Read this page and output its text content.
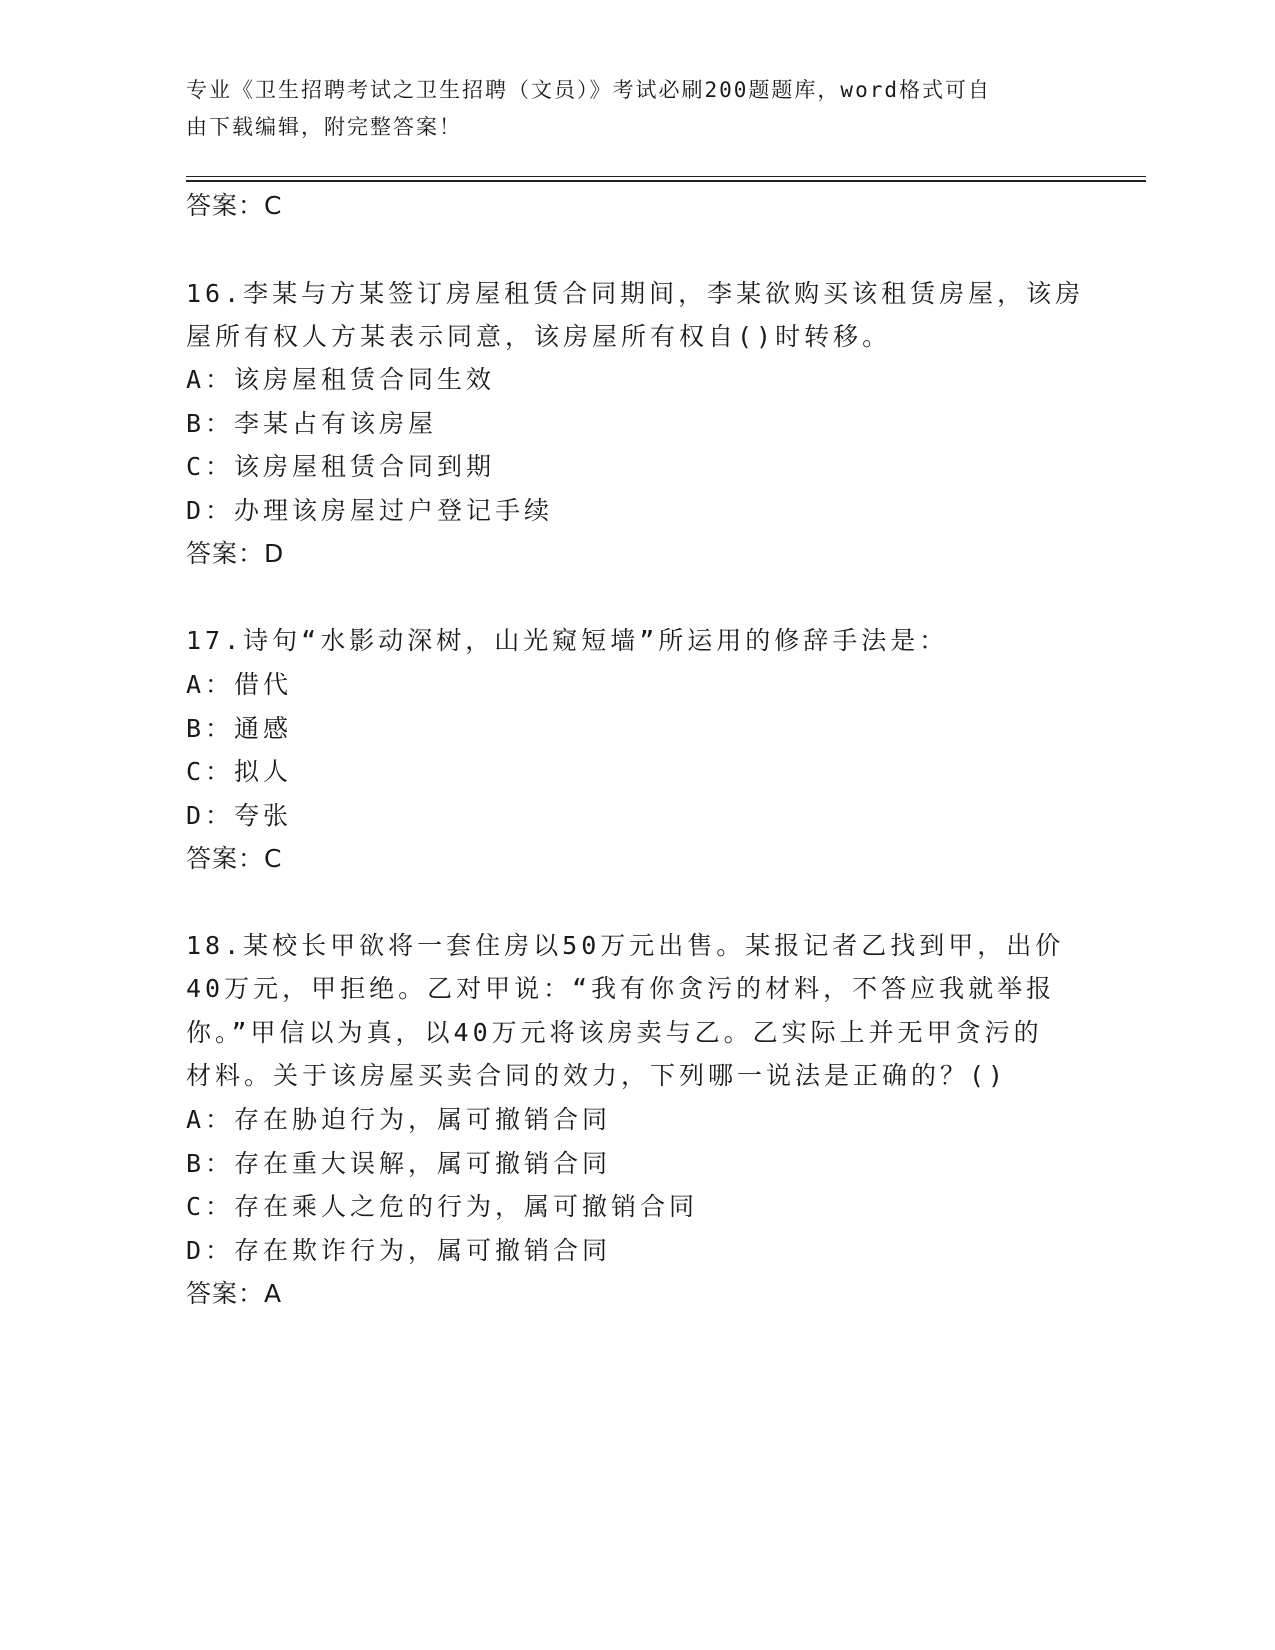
专业《卫生招聘考试之卫生招聘（文员）》考试必刷200题题库，word格式可自
由下载编辑，附完整答案！
答案：C
16.李某与方某签订房屋租赁合同期间，李某欲购买该租赁房屋，该房
屋所有权人方某表示同意，该房屋所有权自()时转移。
A：该房屋租赁合同生效
B：李某占有该房屋
C：该房屋租赁合同到期
D：办理该房屋过户登记手续
答案：D
17.诗句“水影动深树，山光窥短墙”所运用的修辞手法是：
A：借代
B：通感
C：拟人
D：夸张
答案：C
18.某校长甲欲将一套住房以50万元出售。某报记者乙找到甲，出价
40万元，甲拒绝。乙对甲说：“我有你贪污的材料，不答应我就举报
你。”甲信以为真，以40万元将该房卖与乙。乙实际上并无甲贪污的
材料。关于该房屋买卖合同的效力，下列哪一说法是正确的？()
A：存在胁迫行为，属可撤销合同
B：存在重大误解，属可撤销合同
C：存在乘人之危的行为，属可撤销合同
D：存在欺诈行为，属可撤销合同
答案：A
